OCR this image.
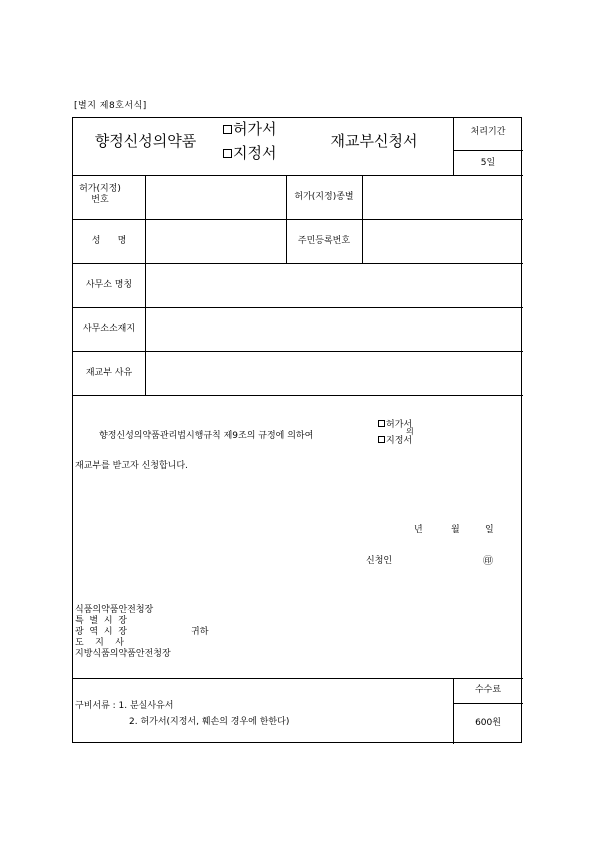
[별지 제8호서식]
향정신성의약품
허가서
지정서
재교부신청서	처리기간
5일
허가(지정)번호	허가(지정)종별
성      명	주민등록번호
사무소 명칭
사무소소재지
재교부 사유
향정신성의약품관리법시행규칙 제9조의 규정에 의하여
허가서
의
지정서
재교부를 받고자 신청합니다.
년	월	일
신청인	㊞
식품의약품안전청장
특  별  시  장
광  역  시  장	귀하
도    지    사
지방식품의약품안전청장
구비서류 : 1. 분실사유서
2. 허가서(지정서, 훼손의 경우에 한한다)
수수료
600원
